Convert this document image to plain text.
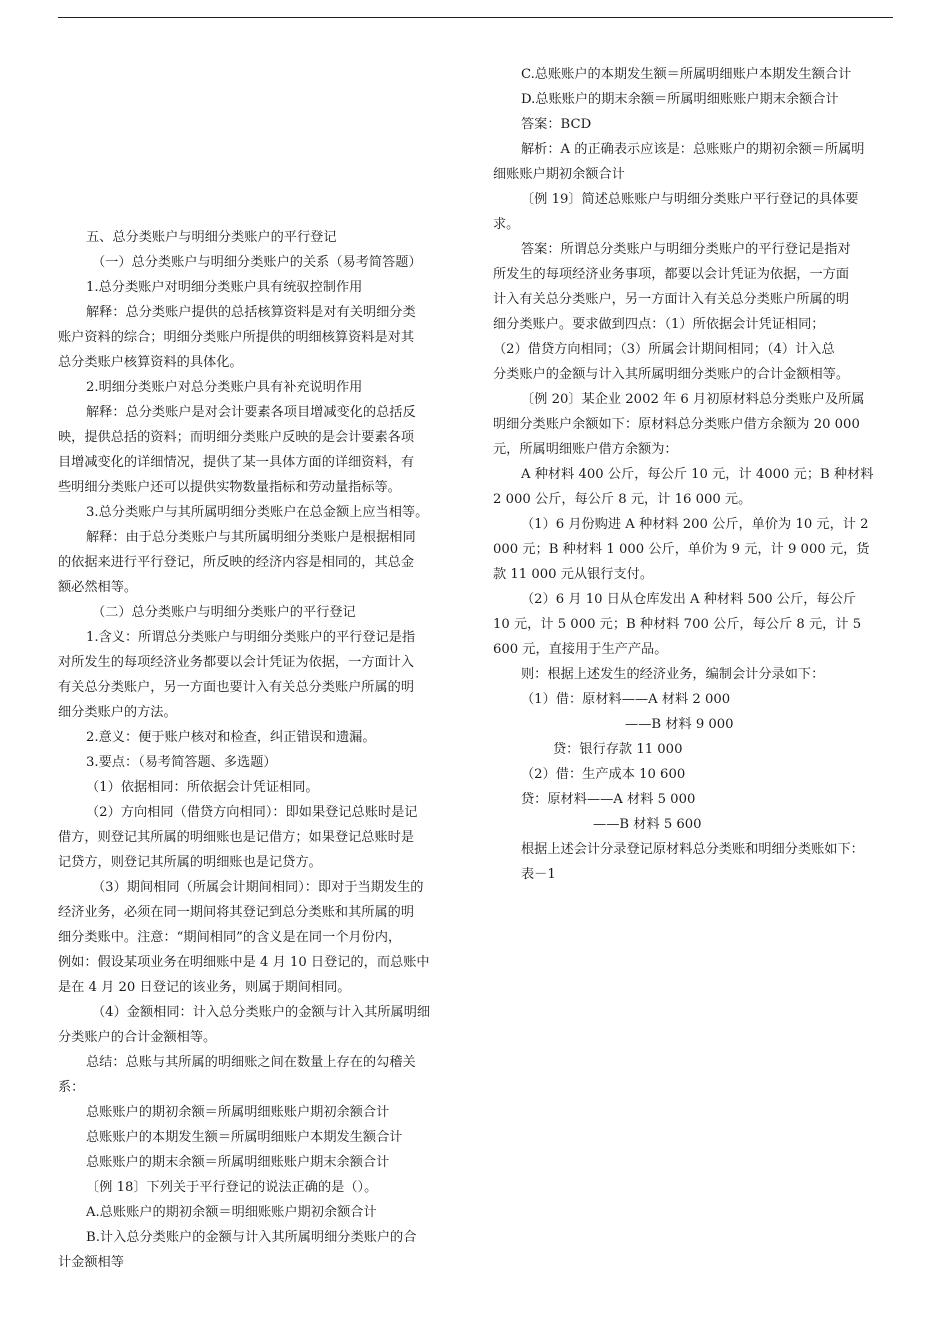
五、总分类账户与明细分类账户的平行登记
（一）总分类账户与明细分类账户的关系（易考简答题）
1.总分类账户对明细分类账户具有统驭控制作用
解释：总分类账户提供的总括核算资料是对有关明细分类
账户资料的综合；明细分类账户所提供的明细核算资料是对其
总分类账户核算资料的具体化。
2.明细分类账户对总分类账户具有补充说明作用
解释：总分类账户是对会计要素各项目增减变化的总括反
映，提供总括的资料；而明细分类账户反映的是会计要素各项
目增减变化的详细情况，提供了某一具体方面的详细资料，有
些明细分类账户还可以提供实物数量指标和劳动量指标等。
3.总分类账户与其所属明细分类账户在总金额上应当相等。
解释：由于总分类账户与其所属明细分类账户是根据相同
的依据来进行平行登记，所反映的经济内容是相同的，其总金
额必然相等。
（二）总分类账户与明细分类账户的平行登记
1.含义：所谓总分类账户与明细分类账户的平行登记是指
对所发生的每项经济业务都要以会计凭证为依据，一方面计入
有关总分类账户，另一方面也要计入有关总分类账户所属的明
细分类账户的方法。
2.意义：便于账户核对和检查，纠正错误和遗漏。
3.要点：（易考简答题、多选题）
（1）依据相同：所依据会计凭证相同。
（2）方向相同（借贷方向相同）：即如果登记总账时是记
借方，则登记其所属的明细账也是记借方；如果登记总账时是
记贷方，则登记其所属的明细账也是记贷方。
（3）期间相同（所属会计期间相同）：即对于当期发生的
经济业务，必须在同一期间将其登记到总分类账和其所属的明
细分类账中。注意：“期间相同”的含义是在同一个月份内，
例如：假设某项业务在明细账中是 4 月 10 日登记的，而总账中
是在 4 月 20 日登记的该业务，则属于期间相同。
（4）金额相同：计入总分类账户的金额与计入其所属明细
分类账户的合计金额相等。
总结：总账与其所属的明细账之间在数量上存在的勾稽关
系：
总账账户的期初余额＝所属明细账账户期初余额合计
总账账户的本期发生额＝所属明细账户本期发生额合计
总账账户的期末余额＝所属明细账账户期末余额合计
〔例 18〕下列关于平行登记的说法正确的是（）。
A.总账账户的期初余额＝明细账账户期初余额合计
B.计入总分类账户的金额与计入其所属明细分类账户的合
计金额相等
C.总账账户的本期发生额＝所属明细账户本期发生额合计
D.总账账户的期末余额＝所属明细账账户期末余额合计
答案：BCD
解析：A 的正确表示应该是：总账账户的期初余额＝所属明
细账账户期初余额合计
〔例 19〕简述总账账户与明细分类账户平行登记的具体要
求。
答案：所谓总分类账户与明细分类账户的平行登记是指对
所发生的每项经济业务事项，都要以会计凭证为依据，一方面
计入有关总分类账户，另一方面计入有关总分类账户所属的明
细分类账户。要求做到四点：（1）所依据会计凭证相同；
（2）借贷方向相同；（3）所属会计期间相同；（4）计入总
分类账户的金额与计入其所属明细分类账户的合计金额相等。
〔例 20〕某企业 2002 年 6 月初原材料总分类账户及所属
明细分类账户余额如下：原材料总分类账户借方余额为 20 000
元，所属明细账户借方余额为：
A 种材料 400 公斤，每公斤 10 元，计 4000 元；B 种材料
2 000 公斤，每公斤 8 元，计 16 000 元。
（1）6 月份购进 A 种材料 200 公斤，单价为 10 元，计 2
000 元；B 种材料 1 000 公斤，单价为 9 元，计 9 000 元，货
款 11 000 元从银行支付。
（2）6 月 10 日从仓库发出 A 种材料 500 公斤，每公斤
10 元，计 5 000 元；B 种材料 700 公斤，每公斤 8 元，计 5
600 元，直接用于生产产品。
则：根据上述发生的经济业务，编制会计分录如下：
（1）借：原材料——A 材料 2 000
——B 材料 9 000
贷：银行存款 11 000
（2）借：生产成本 10 600
贷：原材料——A 材料 5 000
——B 材料 5 600
根据上述会计分录登记原材料总分类账和明细分类账如下：
表－1
